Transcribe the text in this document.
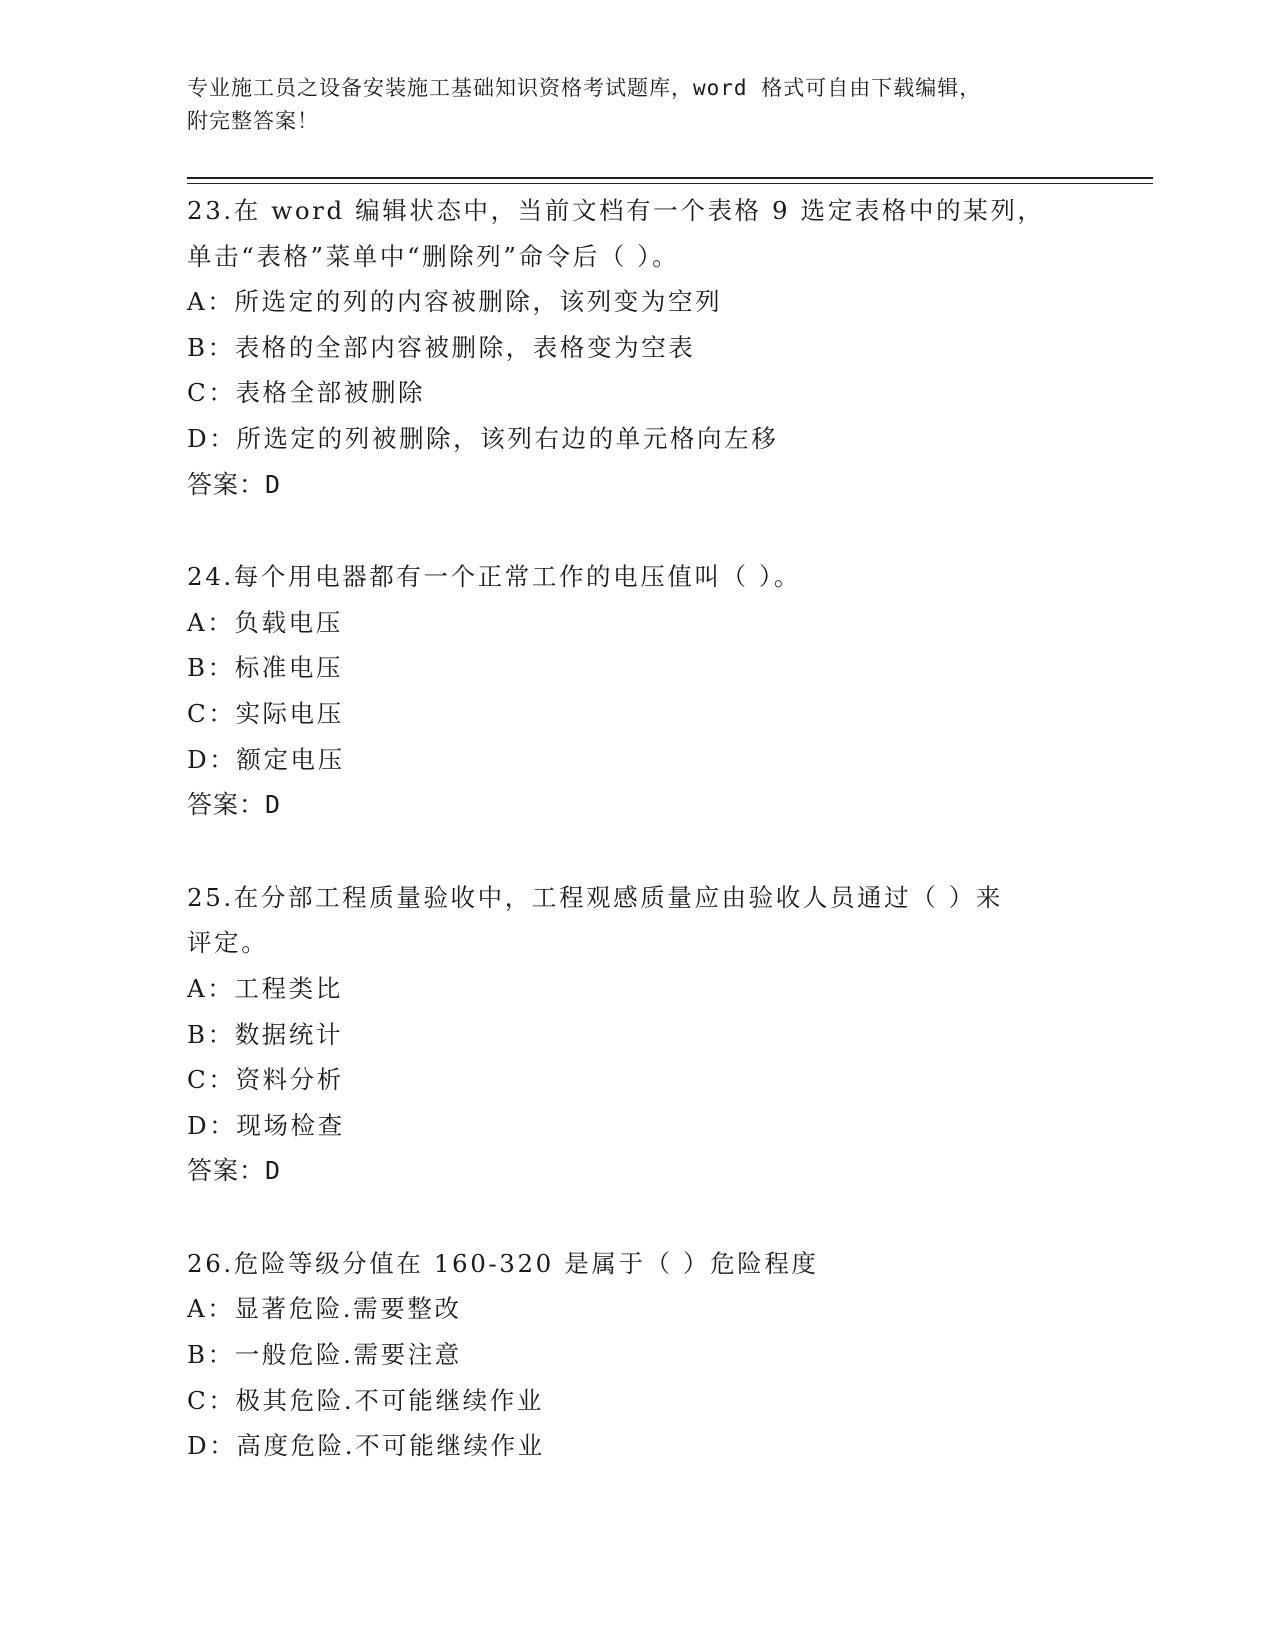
专业施工员之设备安装施工基础知识资格考试题库，word 格式可自由下载编辑，
附完整答案！

23.在 word 编辑状态中，当前文档有一个表格 9 选定表格中的某列，

单击“表格”菜单中“删除列”命令后（ ）。

A：所选定的列的内容被删除，该列变为空列

B：表格的全部内容被删除，表格变为空表

C：表格全部被删除

D：所选定的列被删除，该列右边的单元格向左移

答案：D

24.每个用电器都有一个正常工作的电压值叫（ ）。

A：负载电压

B：标准电压

C：实际电压

D：额定电压

答案：D

25.在分部工程质量验收中，工程观感质量应由验收人员通过（ ）来

评定。

A：工程类比

B：数据统计

C：资料分析

D：现场检查

答案：D

26.危险等级分值在 160-320 是属于（ ）危险程度

A：显著危险.需要整改

B：一般危险.需要注意

C：极其危险.不可能继续作业

D：高度危险.不可能继续作业
